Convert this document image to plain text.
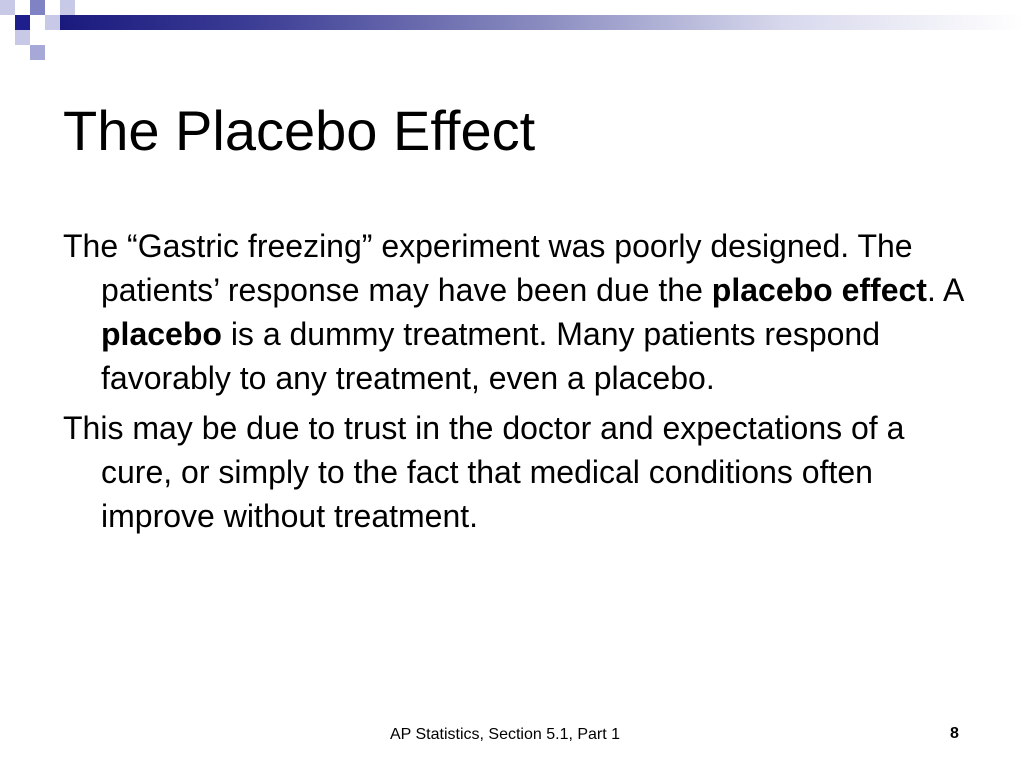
The Placebo Effect

The “Gastric freezing” experiment was poorly designed. The patients’ response may have been due the placebo effect. A placebo is a dummy treatment. Many patients respond favorably to any treatment, even a placebo.

This may be due to trust in the doctor and expectations of a cure, or simply to the fact that medical conditions often improve without treatment.

AP Statistics, Section 5.1, Part 1	8
